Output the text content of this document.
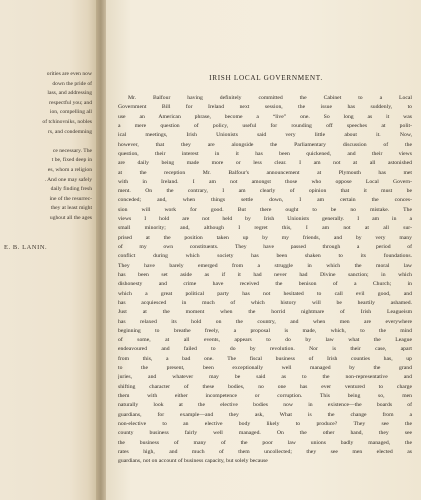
orities are even now
down the pride of
lass, and addressing
respectful you; and
ion, compelling all
of tchinovniks, nobles
rs, and condemning

ce necessary. The
t be, fixed deep in
es, whom a religion
. And one may safely
daily finding fresh
ine of the resurrec-
they at least might
ughout all the ages
E. B. LANIN.
IRISH LOCAL GOVERNMENT.
Mr. Balfour having definitely committed the Cabinet to a Local
Government Bill for Ireland next session, the issue has suddenly, to
use an American phrase, become a “live” one. So long as it was
a mere question of policy, useful for rounding off speeches at polit-
ical meetings, Irish Unionists said very little about it. Now,
however, that they are alongside the Parliamentary discussion of the
question, their interest in it has been quickened, and their views
are daily being made more or less clear. I am not at all astonished
at the reception Mr. Balfour's announcement at Plymouth has met
with in Ireland. I am not amongst those who oppose Local Govern-
ment. On the contrary, I am clearly of opinion that it must be
conceded; and, when things settle down, I am certain the conces-
sion will work for good. But there ought to be no mistake. The
views I hold are not held by Irish Unionists generally. I am in a
small minority; and, although I regret this, I am not at all sur-
prised at the position taken up by my friends, and by very many
of my own constituents. They have passed through a period of
conflict during which society has been shaken to its foundations.
They have barely emerged from a struggle in which the moral law
has been set aside as if it had never had Divine sanction; in which
dishonesty and crime have received the benison of a Church; in
which a great political party has not hesitated to call evil good, and
has acquiesced in much of which history will be heartily ashamed.
Just at the moment when the horrid nightmare of Irish Leagueism
has relaxed its hold on the country, and when men are everywhere
beginning to breathe freely, a proposal is made, which, to the mind
of some, at all events, appears to do by law what the League
endeavoured and failed to do by revolution. Nor is their case, apart
from this, a bad one. The fiscal business of Irish counties has, up
to the present, been exceptionally well managed by the grand
juries, and whatever may be said as to the non-representative and
shifting character of these bodies, no one has ever ventured to charge
them with either incompetence or corruption. This being so, men
naturally look at the elective bodies now in existence—the boards of
guardians, for example—and they ask, What is the change from a
non-elective to an elective body likely to produce? They see the
county business fairly well managed. On the other hand, they see
the business of many of the poor law unions badly managed, the
rates high, and much of them uncollected; they see men elected as
guardians, not on account of business capacity, but solely because
